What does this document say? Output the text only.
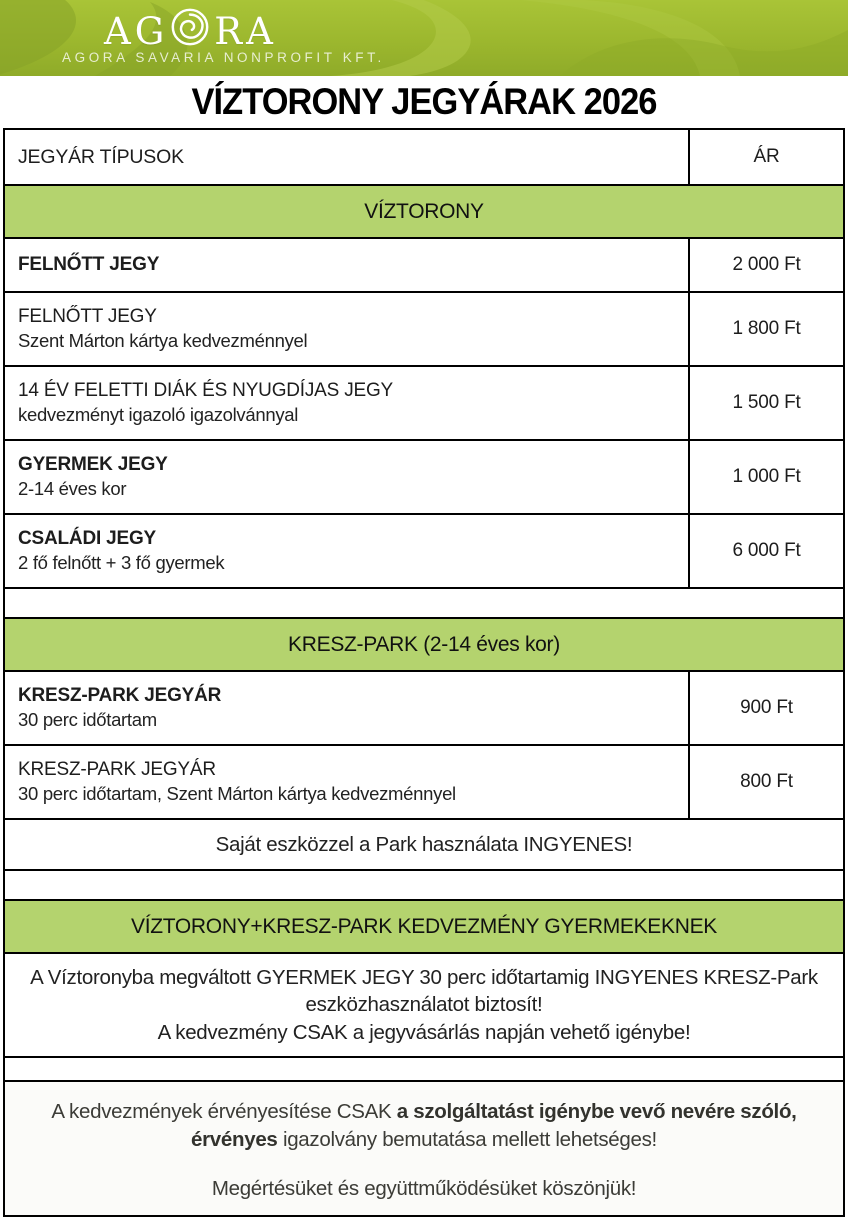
AG RA
AGORA SAVARIA NONPROFIT KFT.
VÍZTORONY JEGYÁRAK 2026
JEGYÁR TÍPUSOK	ÁR
VÍZTORONY
FELNŐTT JEGY	2 000 Ft
FELNŐTT JEGY
Szent Márton kártya kedvezménnyel
1 800 Ft
14 ÉV FELETTI DIÁK ÉS NYUGDÍJAS JEGY
kedvezményt igazoló igazolvánnyal
1 500 Ft
GYERMEK JEGY
2-14 éves kor
1 000 Ft
CSALÁDI JEGY
2 fő felnőtt + 3 fő gyermek
6 000 Ft
KRESZ-PARK (2-14 éves kor)
KRESZ-PARK JEGYÁR
30 perc időtartam
900 Ft
KRESZ-PARK JEGYÁR
30 perc időtartam, Szent Márton kártya kedvezménnyel
800 Ft
Saját eszközzel a Park használata INGYENES!
VÍZTORONY+KRESZ-PARK KEDVEZMÉNY GYERMEKEKNEK
A Víztoronyba megváltott GYERMEK JEGY 30 perc időtartamig INGYENES KRESZ-Park eszközhasználatot biztosít!
A kedvezmény CSAK a jegyvásárlás napján vehető igénybe!

A kedvezmények érvényesítése CSAK a szolgáltatást igénybe vevő nevére szóló, érvényes igazolvány bemutatása mellett lehetséges!

Megértésüket és együttműködésüket köszönjük!
